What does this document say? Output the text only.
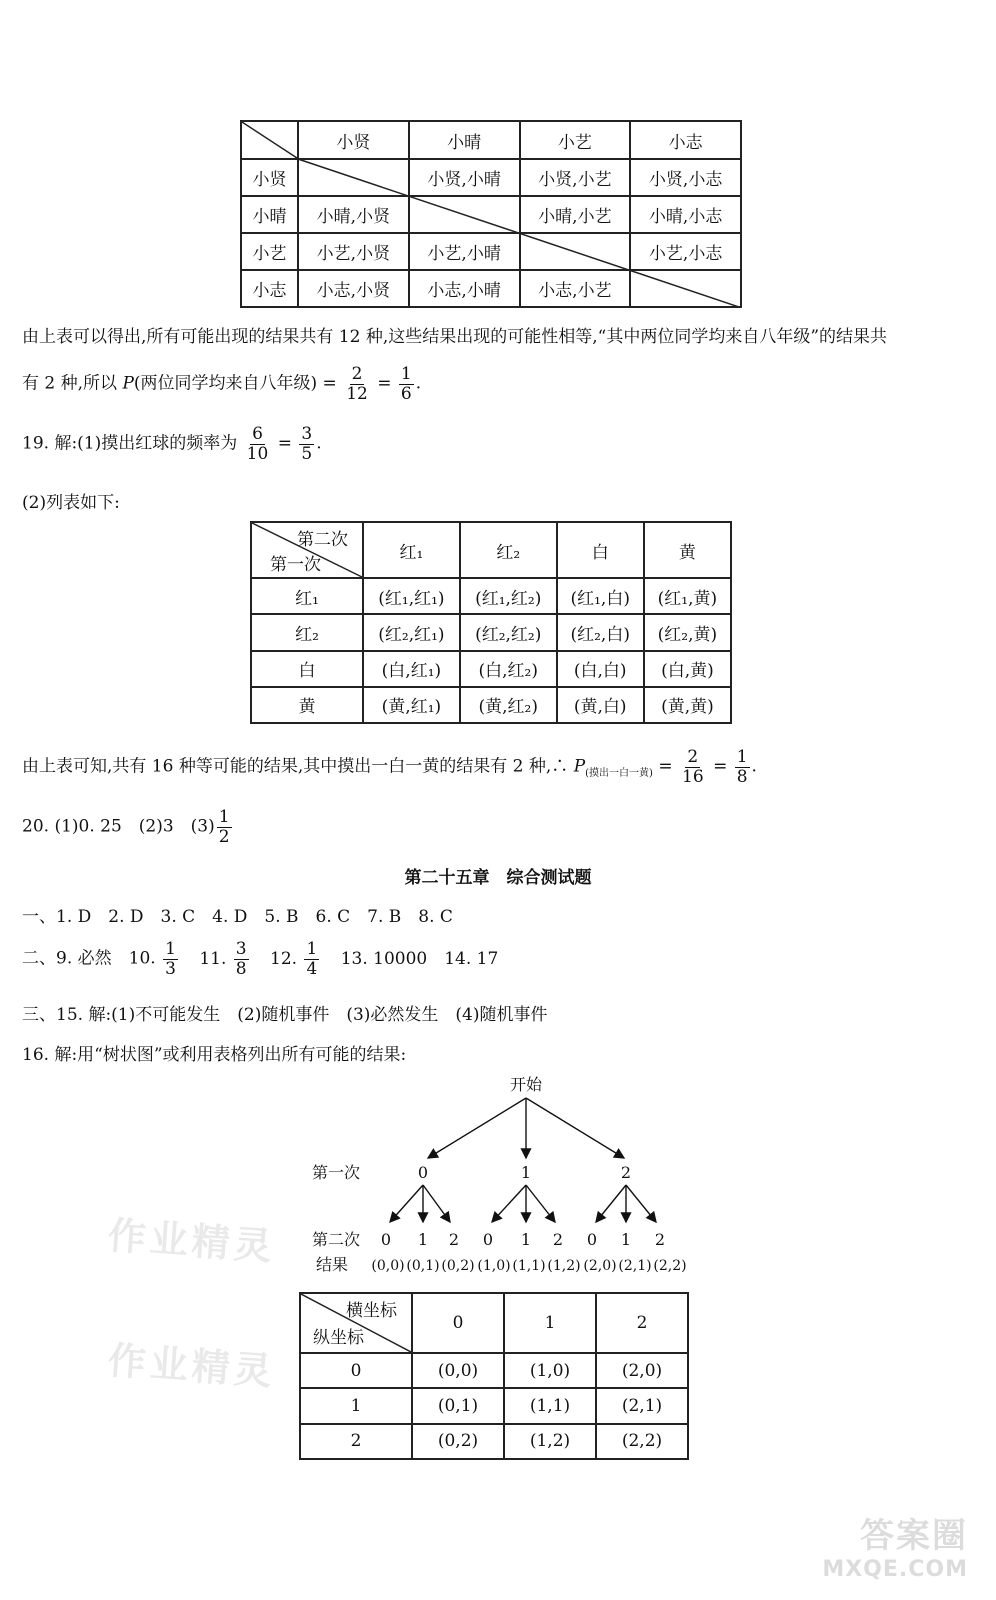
	小贤	小晴	小艺	小志
小贤		小贤,小晴	小贤,小艺	小贤,小志
小晴	小晴,小贤		小晴,小艺	小晴,小志
小艺	小艺,小贤	小艺,小晴		小艺,小志
小志	小志,小贤	小志,小晴	小志,小艺	
由上表可以得出,所有可能出现的结果共有 12 种,这些结果出现的可能性相等,“其中两位同学均来自八年级”的结果共
有 2 种,所以 P(两位同学均来自八年级) = $\frac{2}{12} = \frac{1}{6}$ .
19. 解:(1)摸出红球的频率为 $\frac{6}{10} = \frac{3}{5}$ .
(2)列表如下:
第二次
第一次	红₁	红₂	白	黄
红₁	(红₁,红₁)	(红₁,红₂)	(红₁,白)	(红₁,黄)
红₂	(红₂,红₁)	(红₂,红₂)	(红₂,白)	(红₂,黄)
白	(白,红₁)	(白,红₂)	(白,白)	(白,黄)
黄	(黄,红₁)	(黄,红₂)	(黄,白)	(黄,黄)
由上表可知,共有 16 种等可能的结果,其中摸出一白一黄的结果有 2 种,∴ $P_{(摸出一白一黄)} = \frac{2}{16} = \frac{1}{8}$ .
20. (1)0. 25　(2)3　$(3) \frac{1}{2}$
第二十五章　综合测试题
一、1. D　2. D　3. C　4. D　5. B　6. C　7. B　8. C
二、9. 必然　10. $\frac{1}{3} 11$. $\frac{3}{8} 12$. $\frac{1}{4} 13$. 10000　14. 17
三、15. 解:(1)不可能发生　(2)随机事件　(3)必然发生　(4)随机事件
16. 解:用“树状图”或利用表格列出所有可能的结果:
开始
第一次	0	1	2
第二次 0 1 2 0 1 2 0 1 2
结果 (0,0) (0,1) (0,2) (1,0) (1,1) (1,2) (2,0) (2,1) (2,2)
横坐标
纵坐标	0	1	2
0	(0,0)	(1,0)	(2,0)
1	(0,1)	(1,1)	(2,1)
2	(0,2)	(1,2)	(2,2)
作业精灵
作业精灵
答案圈
MXQE.COM
